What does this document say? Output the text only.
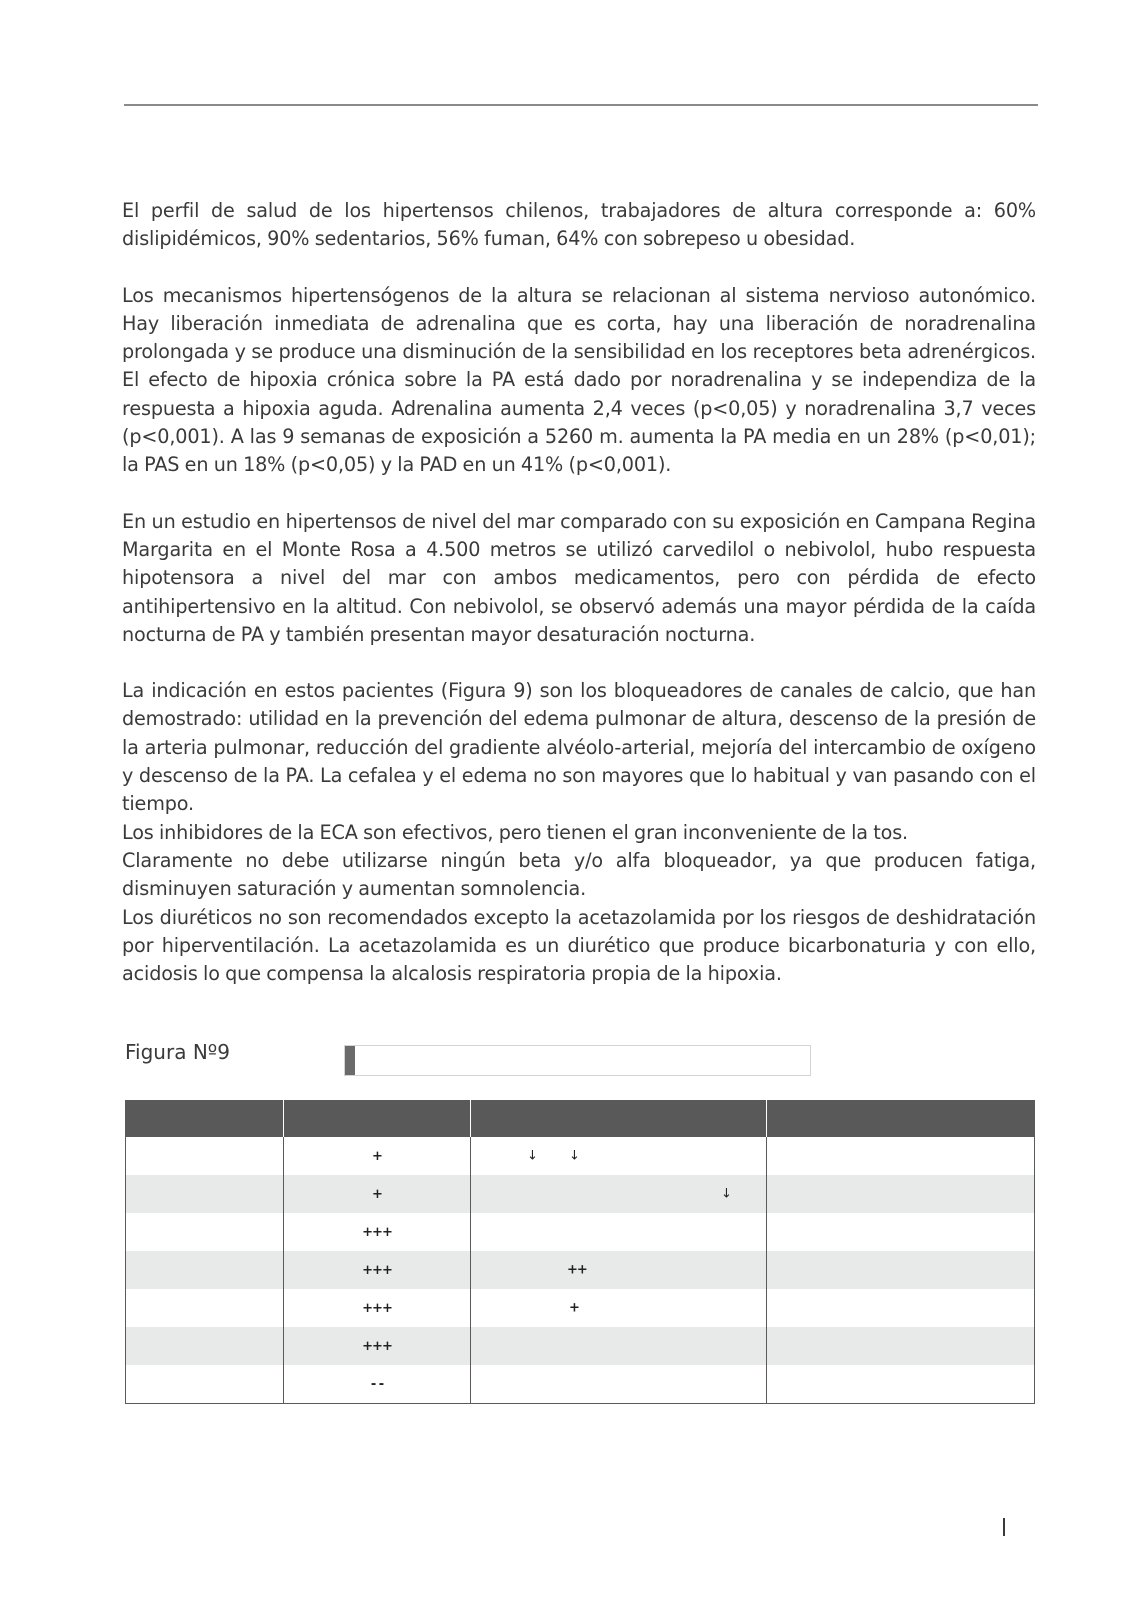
El perfil de salud de los hipertensos chilenos, trabajadores de altura corresponde a: 60% dislipidémicos, 90% sedentarios, 56% fuman, 64% con sobrepeso u obesidad.

Los mecanismos hipertensógenos de la altura se relacionan al sistema nervioso autonómico. Hay liberación inmediata de adrenalina que es corta, hay una liberación de noradrenalina prolongada y se produce una disminución de la sensibilidad en los receptores beta adrenérgicos. El efecto de hipoxia crónica sobre la PA está dado por noradrenalina y se independiza de la respuesta a hipoxia aguda. Adrenalina aumenta 2,4 veces (p<0,05) y noradrenalina 3,7 veces (p<0,001). A las 9 semanas de exposición a 5260 m. aumenta la PA media en un 28% (p<0,01); la PAS en un 18% (p<0,05) y la PAD en un 41% (p<0,001).

En un estudio en hipertensos de nivel del mar comparado con su exposición en Campana Regina Margarita en el Monte Rosa a 4.500 metros se utilizó carvedilol o nebivolol, hubo respuesta hipotensora a nivel del mar con ambos medicamentos, pero con pérdida de efecto antihipertensivo en la altitud. Con nebivolol, se observó además una mayor pérdida de la caída nocturna de PA y también presentan mayor desaturación nocturna.

La indicación en estos pacientes (Figura 9) son los bloqueadores de canales de calcio, que han demostrado: utilidad en la prevención del edema pulmonar de altura, descenso de la presión de la arteria pulmonar, reducción del gradiente alvéolo-arterial, mejoría del intercambio de oxígeno y descenso de la PA. La cefalea y el edema no son mayores que lo habitual y van pasando con el tiempo.

Los inhibidores de la ECA son efectivos, pero tienen el gran inconveniente de la tos.

Claramente no debe utilizarse ningún beta y/o alfa bloqueador, ya que producen fatiga, disminuyen saturación y aumentan somnolencia.

Los diuréticos no son recomendados excepto la acetazolamida por los riesgos de deshidratación por hiperventilación. La acetazolamida es un diurético que produce bicarbonaturia y con ello, acidosis lo que compensa la alcalosis respiratoria propia de la hipoxia.

Figura Nº9

	+	↓ ↓	

	+	↓	

	+++		
	+++	++	

	+++	+	

	+++		
	- -		
